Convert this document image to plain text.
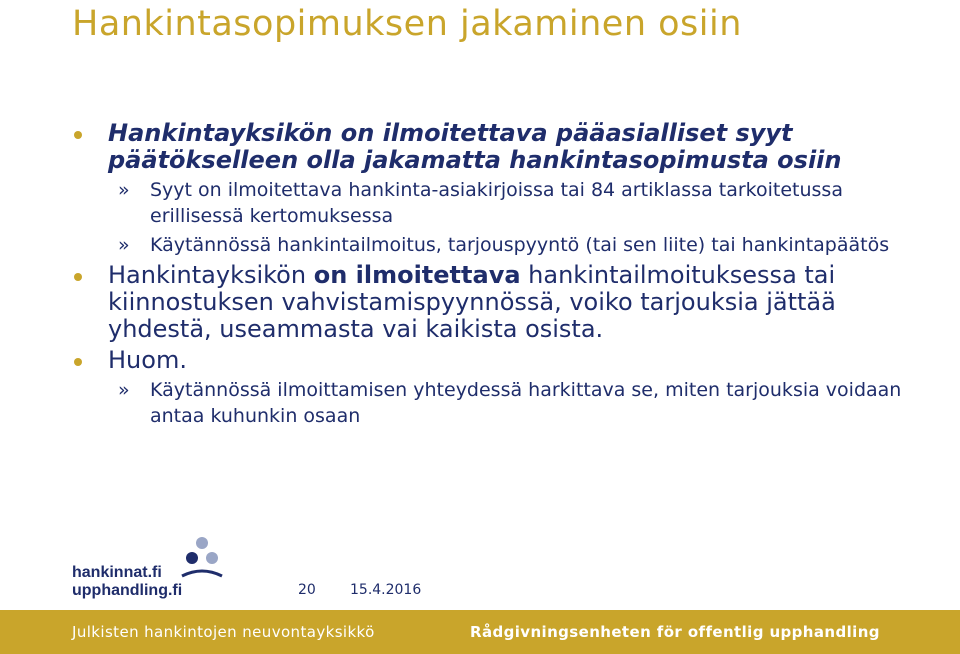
Hankintasopimuksen jakaminen osiin
Hankintayksikön on ilmoitettava pääasialliset syyt päätökselleen olla jakamatta hankintasopimusta osiin
» Syyt on ilmoitettava hankinta-asiakirjoissa tai 84 artiklassa tarkoitetussa erillisessä kertomuksessa
» Käytännössä hankintailmoitus, tarjouspyyntö (tai sen liite) tai hankintapäätös
Hankintayksikön on ilmoitettava hankintailmoituksessa tai kiinnostuksen vahvistamispyynnössä, voiko tarjouksia jättää yhdestä, useammasta vai kaikista osista.
Huom.
» Käytännössä ilmoittamisen yhteydessä harkittava se, miten tarjouksia voidaan antaa kuhunkin osaan
hankinnat.fi
upphandling.fi	20 15.4.2016
Julkisten hankintojen neuvontayksikkö	Rådgivningsenheten för offentlig upphandling
